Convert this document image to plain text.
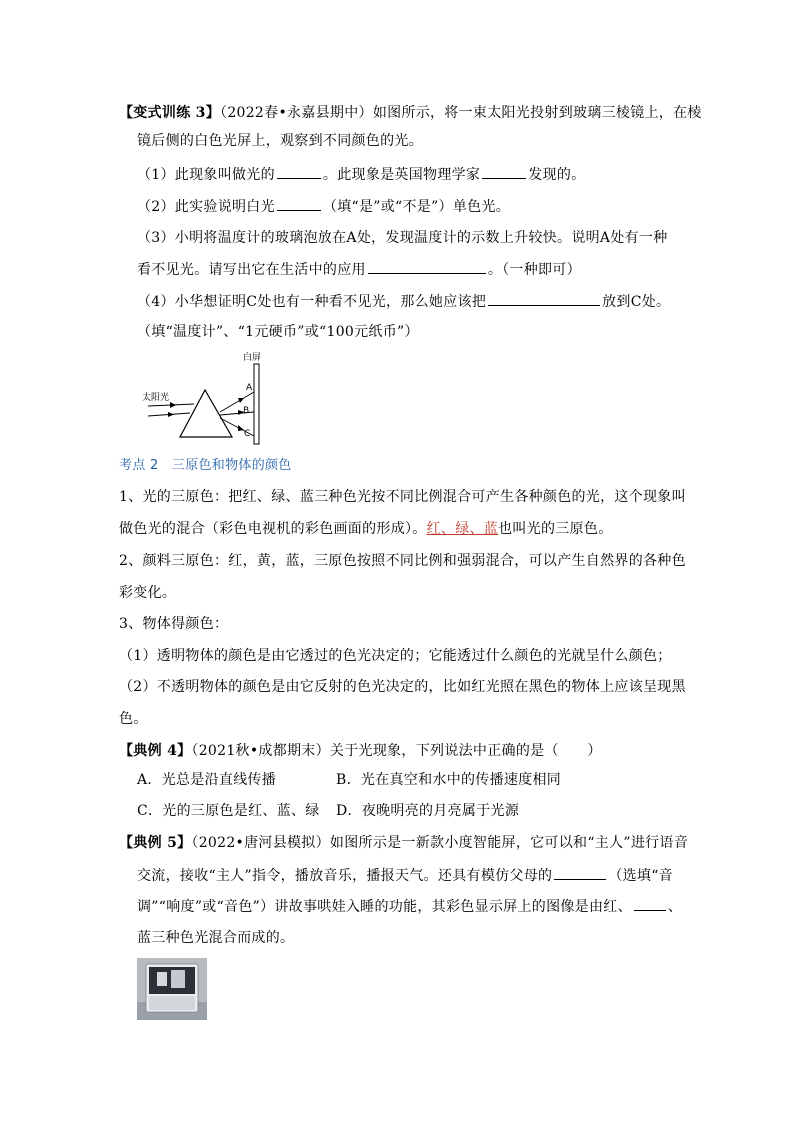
【变式训练 3】（2022春•永嘉县期中）如图所示，将一束太阳光投射到玻璃三棱镜上，在棱
镜后侧的白色光屏上，观察到不同颜色的光。
（1）此现象叫做光的	。此现象是英国物理学家	发现的。
（2）此实验说明白光	（填“是”或“不是”）单色光。
（3）小明将温度计的玻璃泡放在A处，发现温度计的示数上升较快。说明A处有一种
看不见光。请写出它在生活中的应用	。（一种即可）
（4）小华想证明C处也有一种看不见光，那么她应该把	放到C处。
（填“温度计”、“1元硬币”或“100元纸币”）
白屏
太阳光
A
B
C
考点 2　三原色和物体的颜色
1、光的三原色：把红、绿、蓝三种色光按不同比例混合可产生各种颜色的光，这个现象叫
做色光的混合（彩色电视机的彩色画面的形成）。红、绿、蓝也叫光的三原色。
2、颜料三原色：红，黄，蓝，三原色按照不同比例和强弱混合，可以产生自然界的各种色
彩变化。
3、物体得颜色：
（1）透明物体的颜色是由它透过的色光决定的；它能透过什么颜色的光就呈什么颜色；
（2）不透明物体的颜色是由它反射的色光决定的，比如红光照在黑色的物体上应该呈现黑
色。
【典例 4】（2021秋•成都期末）关于光现象，下列说法中正确的是（　　）
A．光总是沿直线传播	B．光在真空和水中的传播速度相同
C．光的三原色是红、蓝、绿 D．夜晚明亮的月亮属于光源
【典例 5】（2022•唐河县模拟）如图所示是一新款小度智能屏，它可以和“主人”进行语音
交流，接收“主人”指令，播放音乐，播报天气。还具有模仿父母的	（选填“音
调”“响度”或“音色”）讲故事哄娃入睡的功能，其彩色显示屏上的图像是由红、	、
蓝三种色光混合而成的。
